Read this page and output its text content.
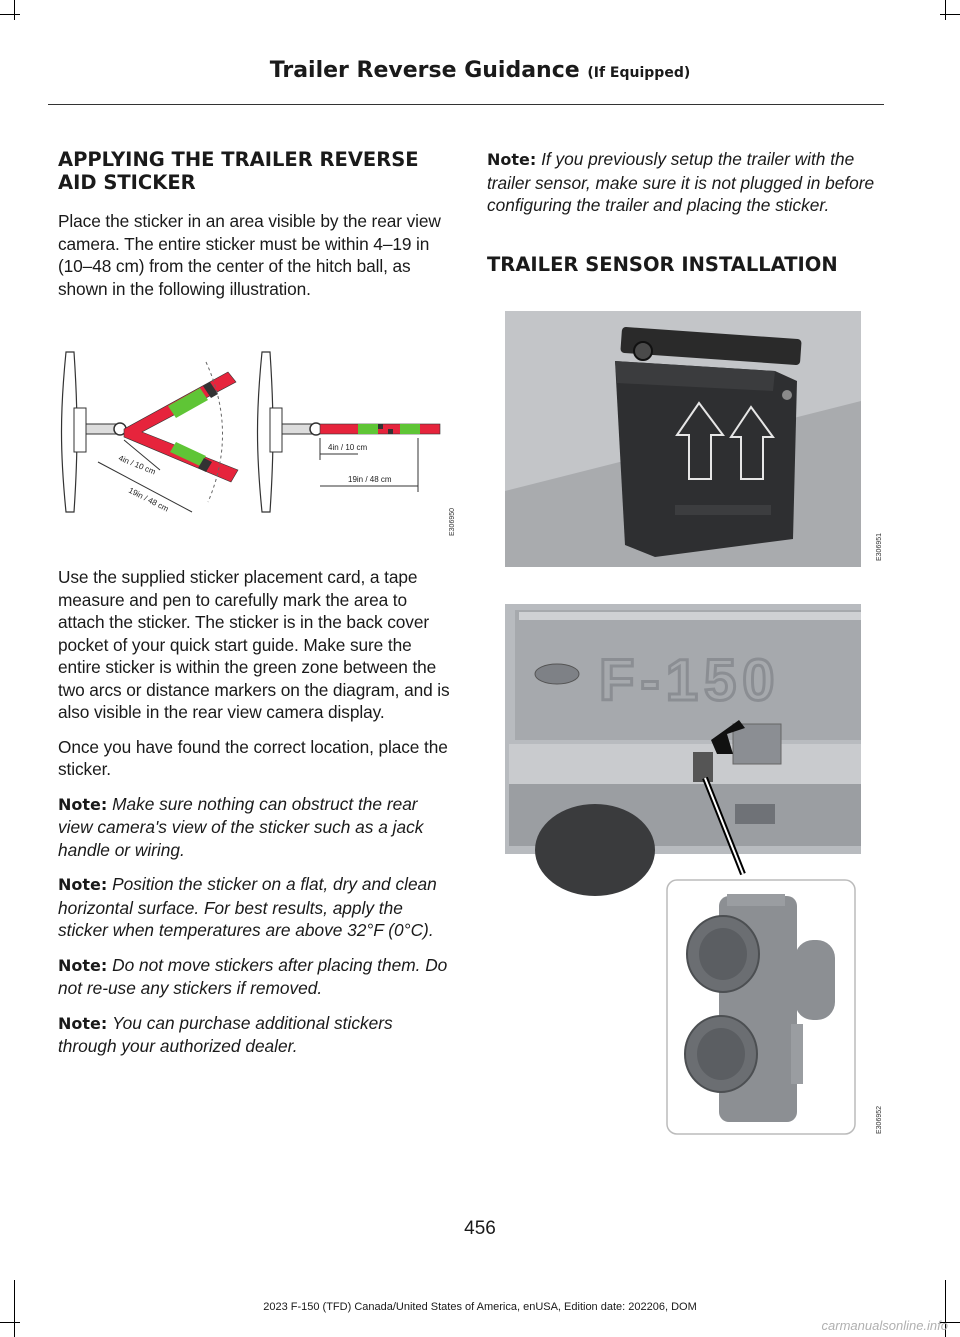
Trailer Reverse Guidance (If Equipped)
APPLYING THE TRAILER REVERSE AID STICKER

Place the sticker in an area visible by the rear view camera. The entire sticker must be within 4–19 in (10–48 cm) from the center of the hitch ball, as shown in the following illustration.

4in / 10 cm
19in / 48 cm
4in / 10 cm
19in / 48 cm
E306950

Use the supplied sticker placement card, a tape measure and pen to carefully mark the area to attach the sticker. The sticker is in the back cover pocket of your quick start guide. Make sure the entire sticker is within the green zone between the two arcs or distance markers on the diagram, and is also visible in the rear view camera display.

Once you have found the correct location, place the sticker.

Note: Make sure nothing can obstruct the rear view camera's view of the sticker such as a jack handle or wiring.

Note: Position the sticker on a flat, dry and clean horizontal surface. For best results, apply the sticker when temperatures are above 32°F (0°C).

Note: Do not move stickers after placing them. Do not re-use any stickers if removed.

Note: You can purchase additional stickers through your authorized dealer.

Note: If you previously setup the trailer with the trailer sensor, make sure it is not plugged in before configuring the trailer and placing the sticker.

TRAILER SENSOR INSTALLATION
E306951
F-150
E306952
456
2023 F-150 (TFD) Canada/United States of America, enUSA, Edition date: 202206, DOM
carmanualsonline.info
